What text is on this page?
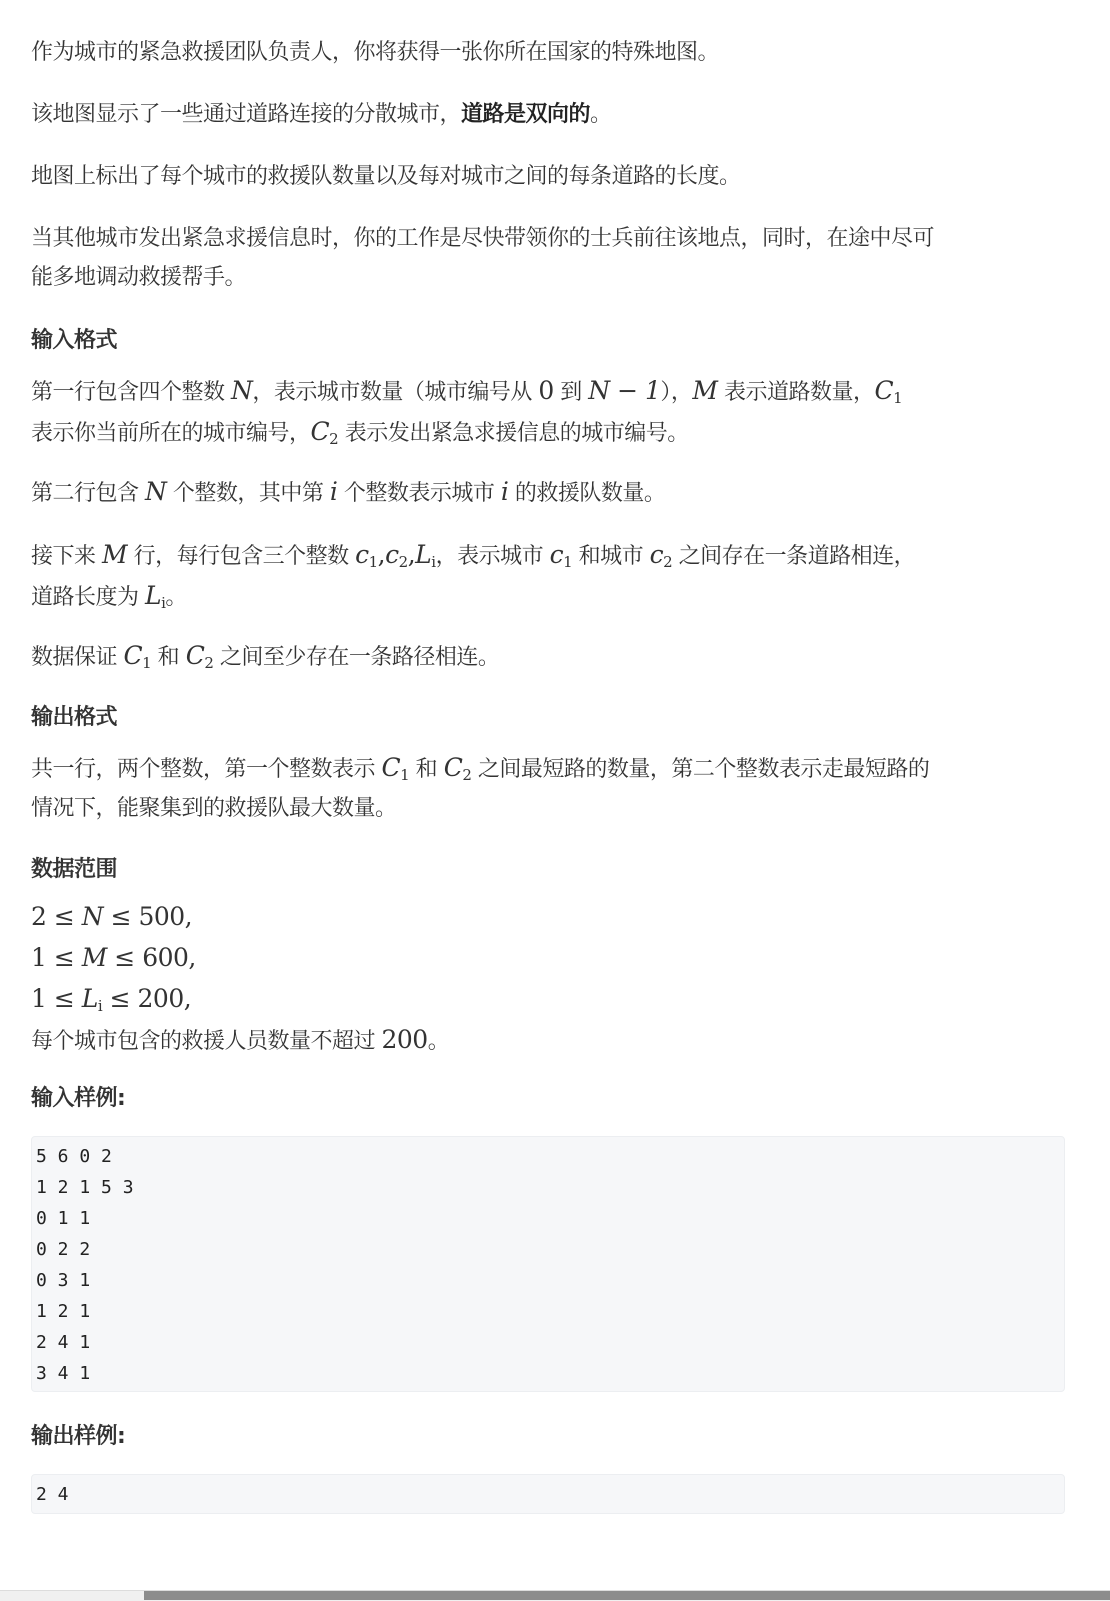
作为城市的紧急救援团队负责人，你将获得一张你所在国家的特殊地图。
该地图显示了一些通过道路连接的分散城市，道路是双向的。
地图上标出了每个城市的救援队数量以及每对城市之间的每条道路的长度。
当其他城市发出紧急求援信息时，你的工作是尽快带领你的士兵前往该地点，同时，在途中尽可
能多地调动救援帮手。
输入格式
第一行包含四个整数 N，表示城市数量（城市编号从 0 到 N − 1），M 表示道路数量，$C_1$
表示你当前所在的城市编号，$C_2$ 表示发出紧急求援信息的城市编号。
第二行包含 N 个整数，其中第 i 个整数表示城市 i 的救援队数量。
接下来 M 行，每行包含三个整数 $c_1,c_2,L_i$，表示城市 $c_1$ 和城市 $c_2$ 之间存在一条道路相连，
道路长度为 $L_i$。
数据保证 $C_1$ 和 $C_2$ 之间至少存在一条路径相连。
输出格式
共一行，两个整数，第一个整数表示 $C_1$ 和 $C_2$ 之间最短路的数量，第二个整数表示走最短路的
情况下，能聚集到的救援队最大数量。
数据范围
2 ≤ N ≤ 500,
1 ≤ M ≤ 600,
$1 \le L_i \le 200$,
每个城市包含的救援人员数量不超过 200。
输入样例:
5 6 0 2
1 2 1 5 3
0 1 1
0 2 2
0 3 1
1 2 1
2 4 1
3 4 1
输出样例:
2 4
